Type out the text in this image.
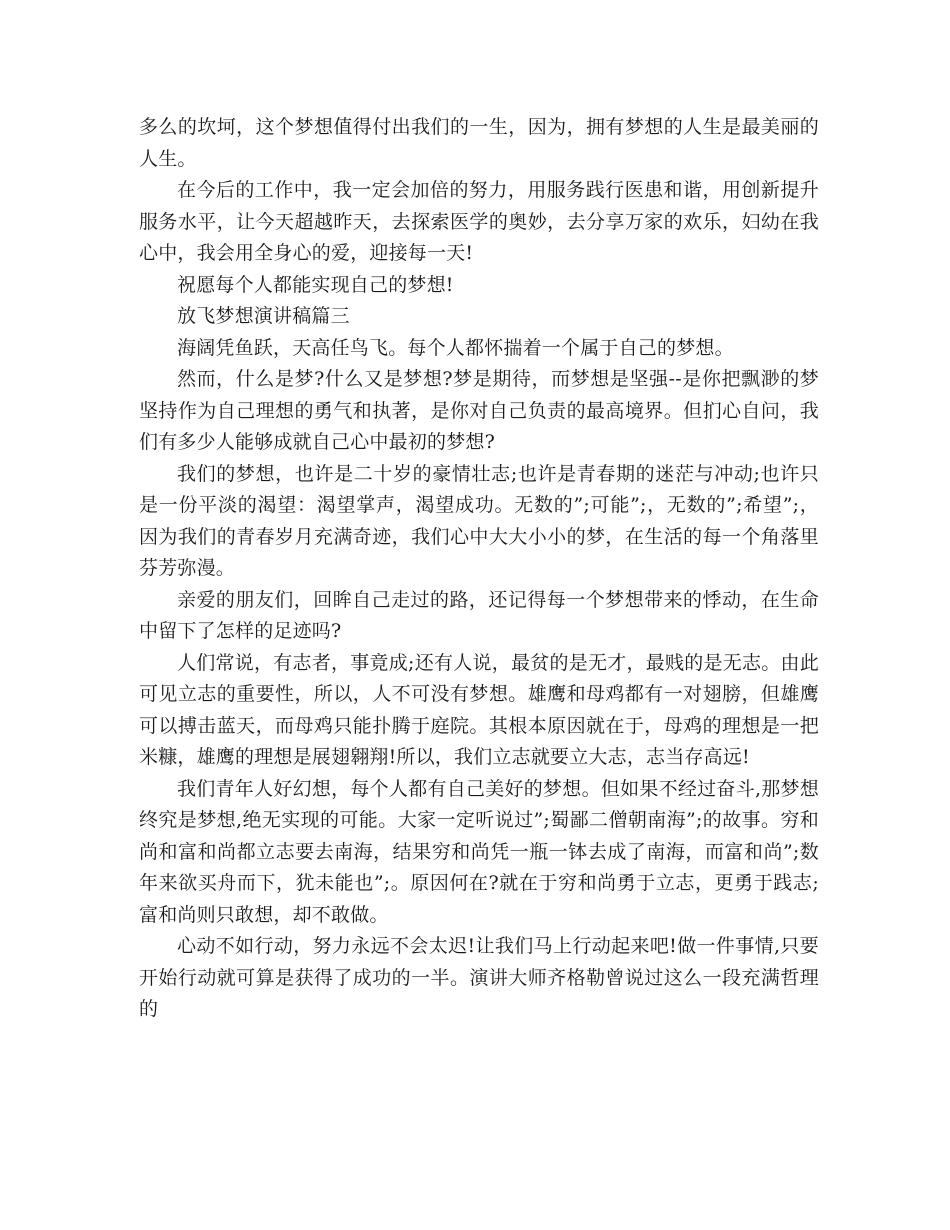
多么的坎坷，这个梦想值得付出我们的一生，因为，拥有梦想的人生是最美丽的人生。

在今后的工作中，我一定会加倍的努力，用服务践行医患和谐，用创新提升服务水平，让今天超越昨天，去探索医学的奥妙，去分享万家的欢乐，妇幼在我心中，我会用全身心的爱，迎接每一天!

祝愿每个人都能实现自己的梦想!

放飞梦想演讲稿篇三

海阔凭鱼跃，天高任鸟飞。每个人都怀揣着一个属于自己的梦想。

然而，什么是梦?什么又是梦想?梦是期待，而梦想是坚强--是你把飘渺的梦坚持作为自己理想的勇气和执著，是你对自己负责的最高境界。但扪心自问，我们有多少人能够成就自己心中最初的梦想?

我们的梦想，也许是二十岁的豪情壮志;也许是青春期的迷茫与冲动;也许只是一份平淡的渴望：渴望掌声，渴望成功。无数的”;可能”;，无数的”;希望”;，因为我们的青春岁月充满奇迹，我们心中大大小小的梦，在生活的每一个角落里芬芳弥漫。

亲爱的朋友们，回眸自己走过的路，还记得每一个梦想带来的悸动，在生命中留下了怎样的足迹吗?

人们常说，有志者，事竟成;还有人说，最贫的是无才，最贱的是无志。由此可见立志的重要性，所以，人不可没有梦想。雄鹰和母鸡都有一对翅膀，但雄鹰可以搏击蓝天，而母鸡只能扑腾于庭院。其根本原因就在于，母鸡的理想是一把米糠，雄鹰的理想是展翅翱翔!所以，我们立志就要立大志，志当存高远!

我们青年人好幻想，每个人都有自己美好的梦想。但如果不经过奋斗,那梦想终究是梦想,绝无实现的可能。大家一定听说过”;蜀鄙二僧朝南海”;的故事。穷和尚和富和尚都立志要去南海，结果穷和尚凭一瓶一钵去成了南海，而富和尚”;数年来欲买舟而下，犹未能也”;。原因何在?就在于穷和尚勇于立志，更勇于践志;富和尚则只敢想，却不敢做。

心动不如行动，努力永远不会太迟!让我们马上行动起来吧!做一件事情,只要开始行动就可算是获得了成功的一半。演讲大师齐格勒曾说过这么一段充满哲理的
